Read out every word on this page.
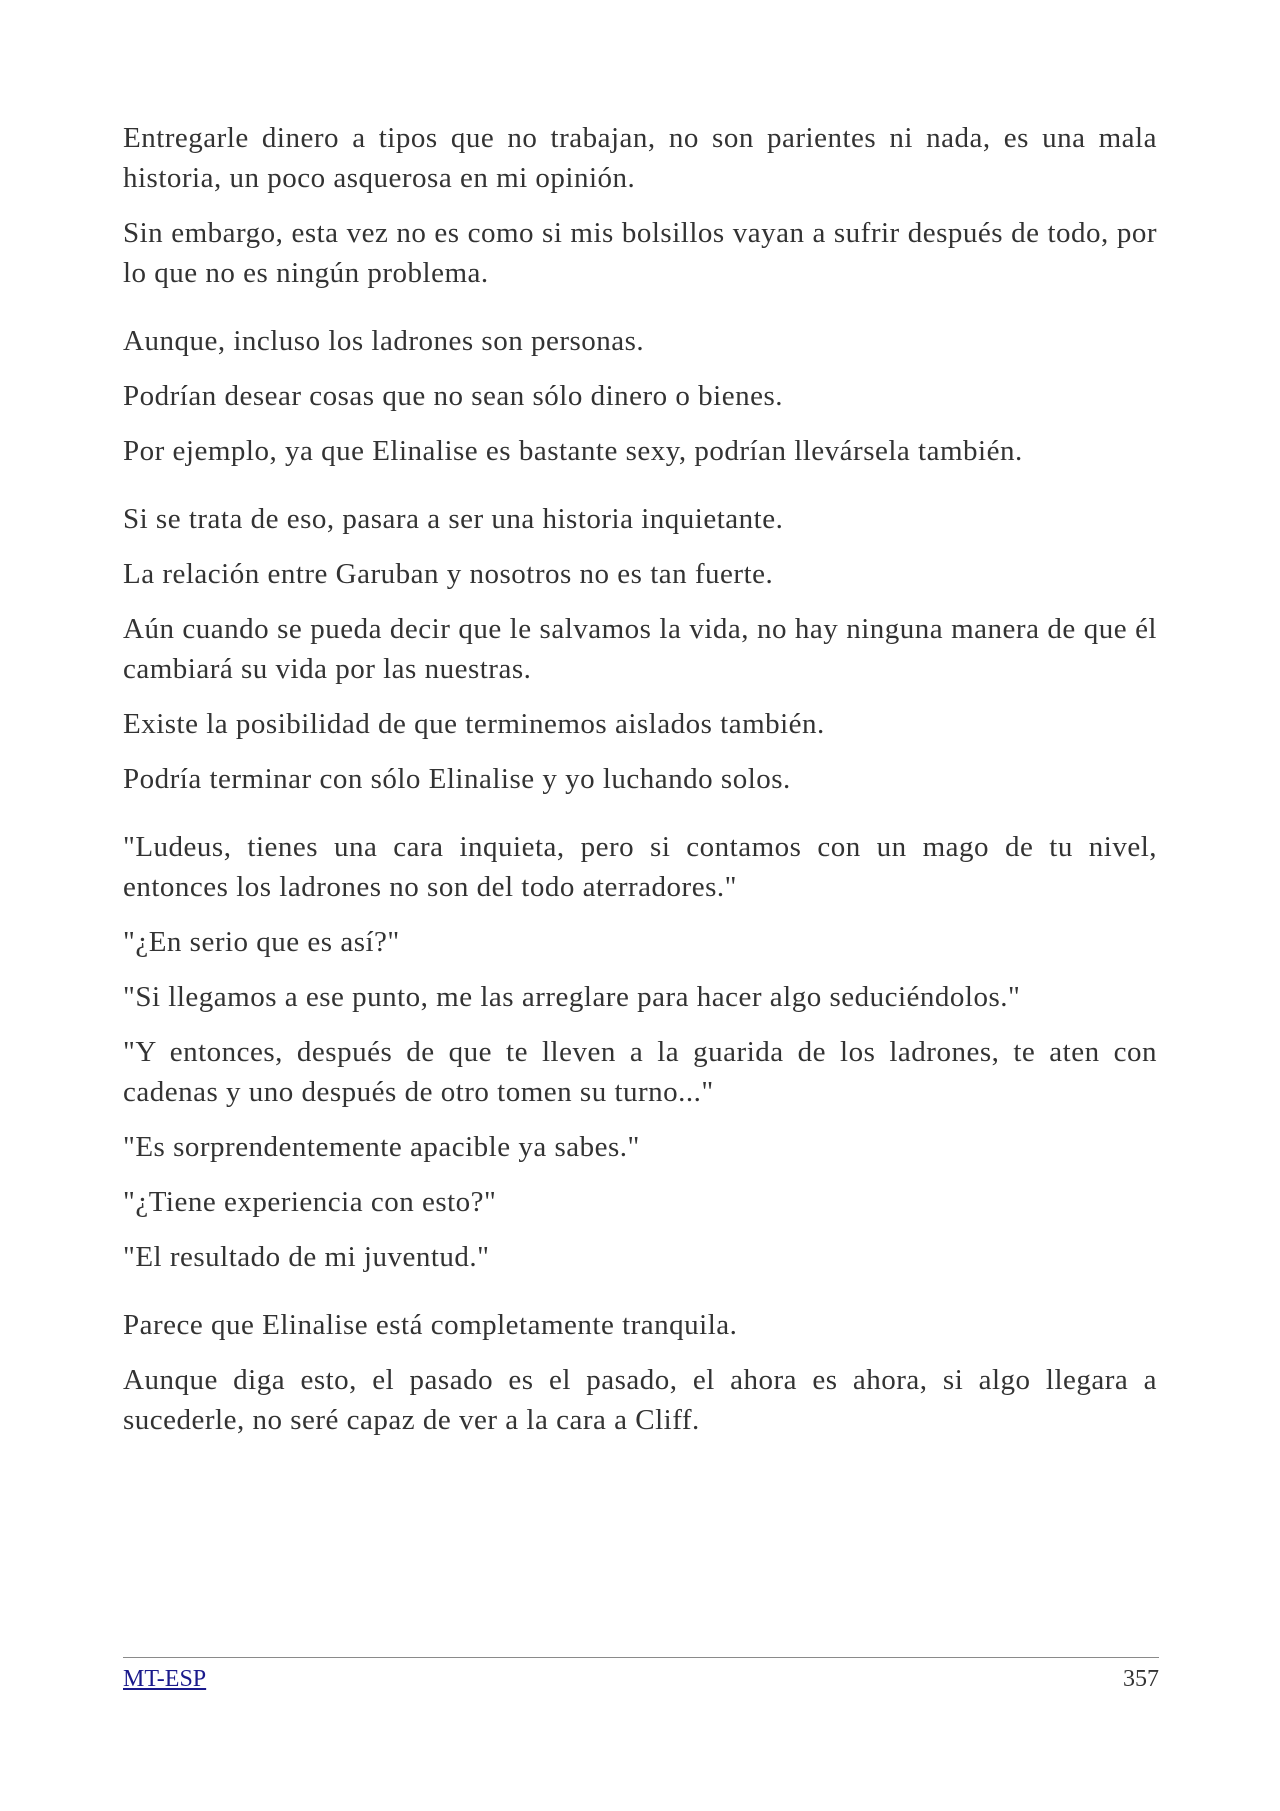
Entregarle dinero a tipos que no trabajan, no son parientes ni nada, es una mala historia, un poco asquerosa en mi opinión.

Sin embargo, esta vez no es como si mis bolsillos vayan a sufrir después de todo, por lo que no es ningún problema.

Aunque, incluso los ladrones son personas.

Podrían desear cosas que no sean sólo dinero o bienes.

Por ejemplo, ya que Elinalise es bastante sexy, podrían llevársela también.

Si se trata de eso, pasara a ser una historia inquietante.

La relación entre Garuban y nosotros no es tan fuerte.

Aún cuando se pueda decir que le salvamos la vida, no hay ninguna manera de que él cambiará su vida por las nuestras.

Existe la posibilidad de que terminemos aislados también.

Podría terminar con sólo Elinalise y yo luchando solos.

"Ludeus, tienes una cara inquieta, pero si contamos con un mago de tu nivel, entonces los ladrones no son del todo aterradores."

"¿En serio que es así?"

"Si llegamos a ese punto, me las arreglare para hacer algo seduciéndolos."

"Y entonces, después de que te lleven a la guarida de los ladrones, te aten con cadenas y uno después de otro tomen su turno..."

"Es sorprendentemente apacible ya sabes."

"¿Tiene experiencia con esto?"

"El resultado de mi juventud."

Parece que Elinalise está completamente tranquila.

Aunque diga esto, el pasado es el pasado, el ahora es ahora, si algo llegara a sucederle, no seré capaz de ver a la cara a Cliff.

MT-ESP	357
